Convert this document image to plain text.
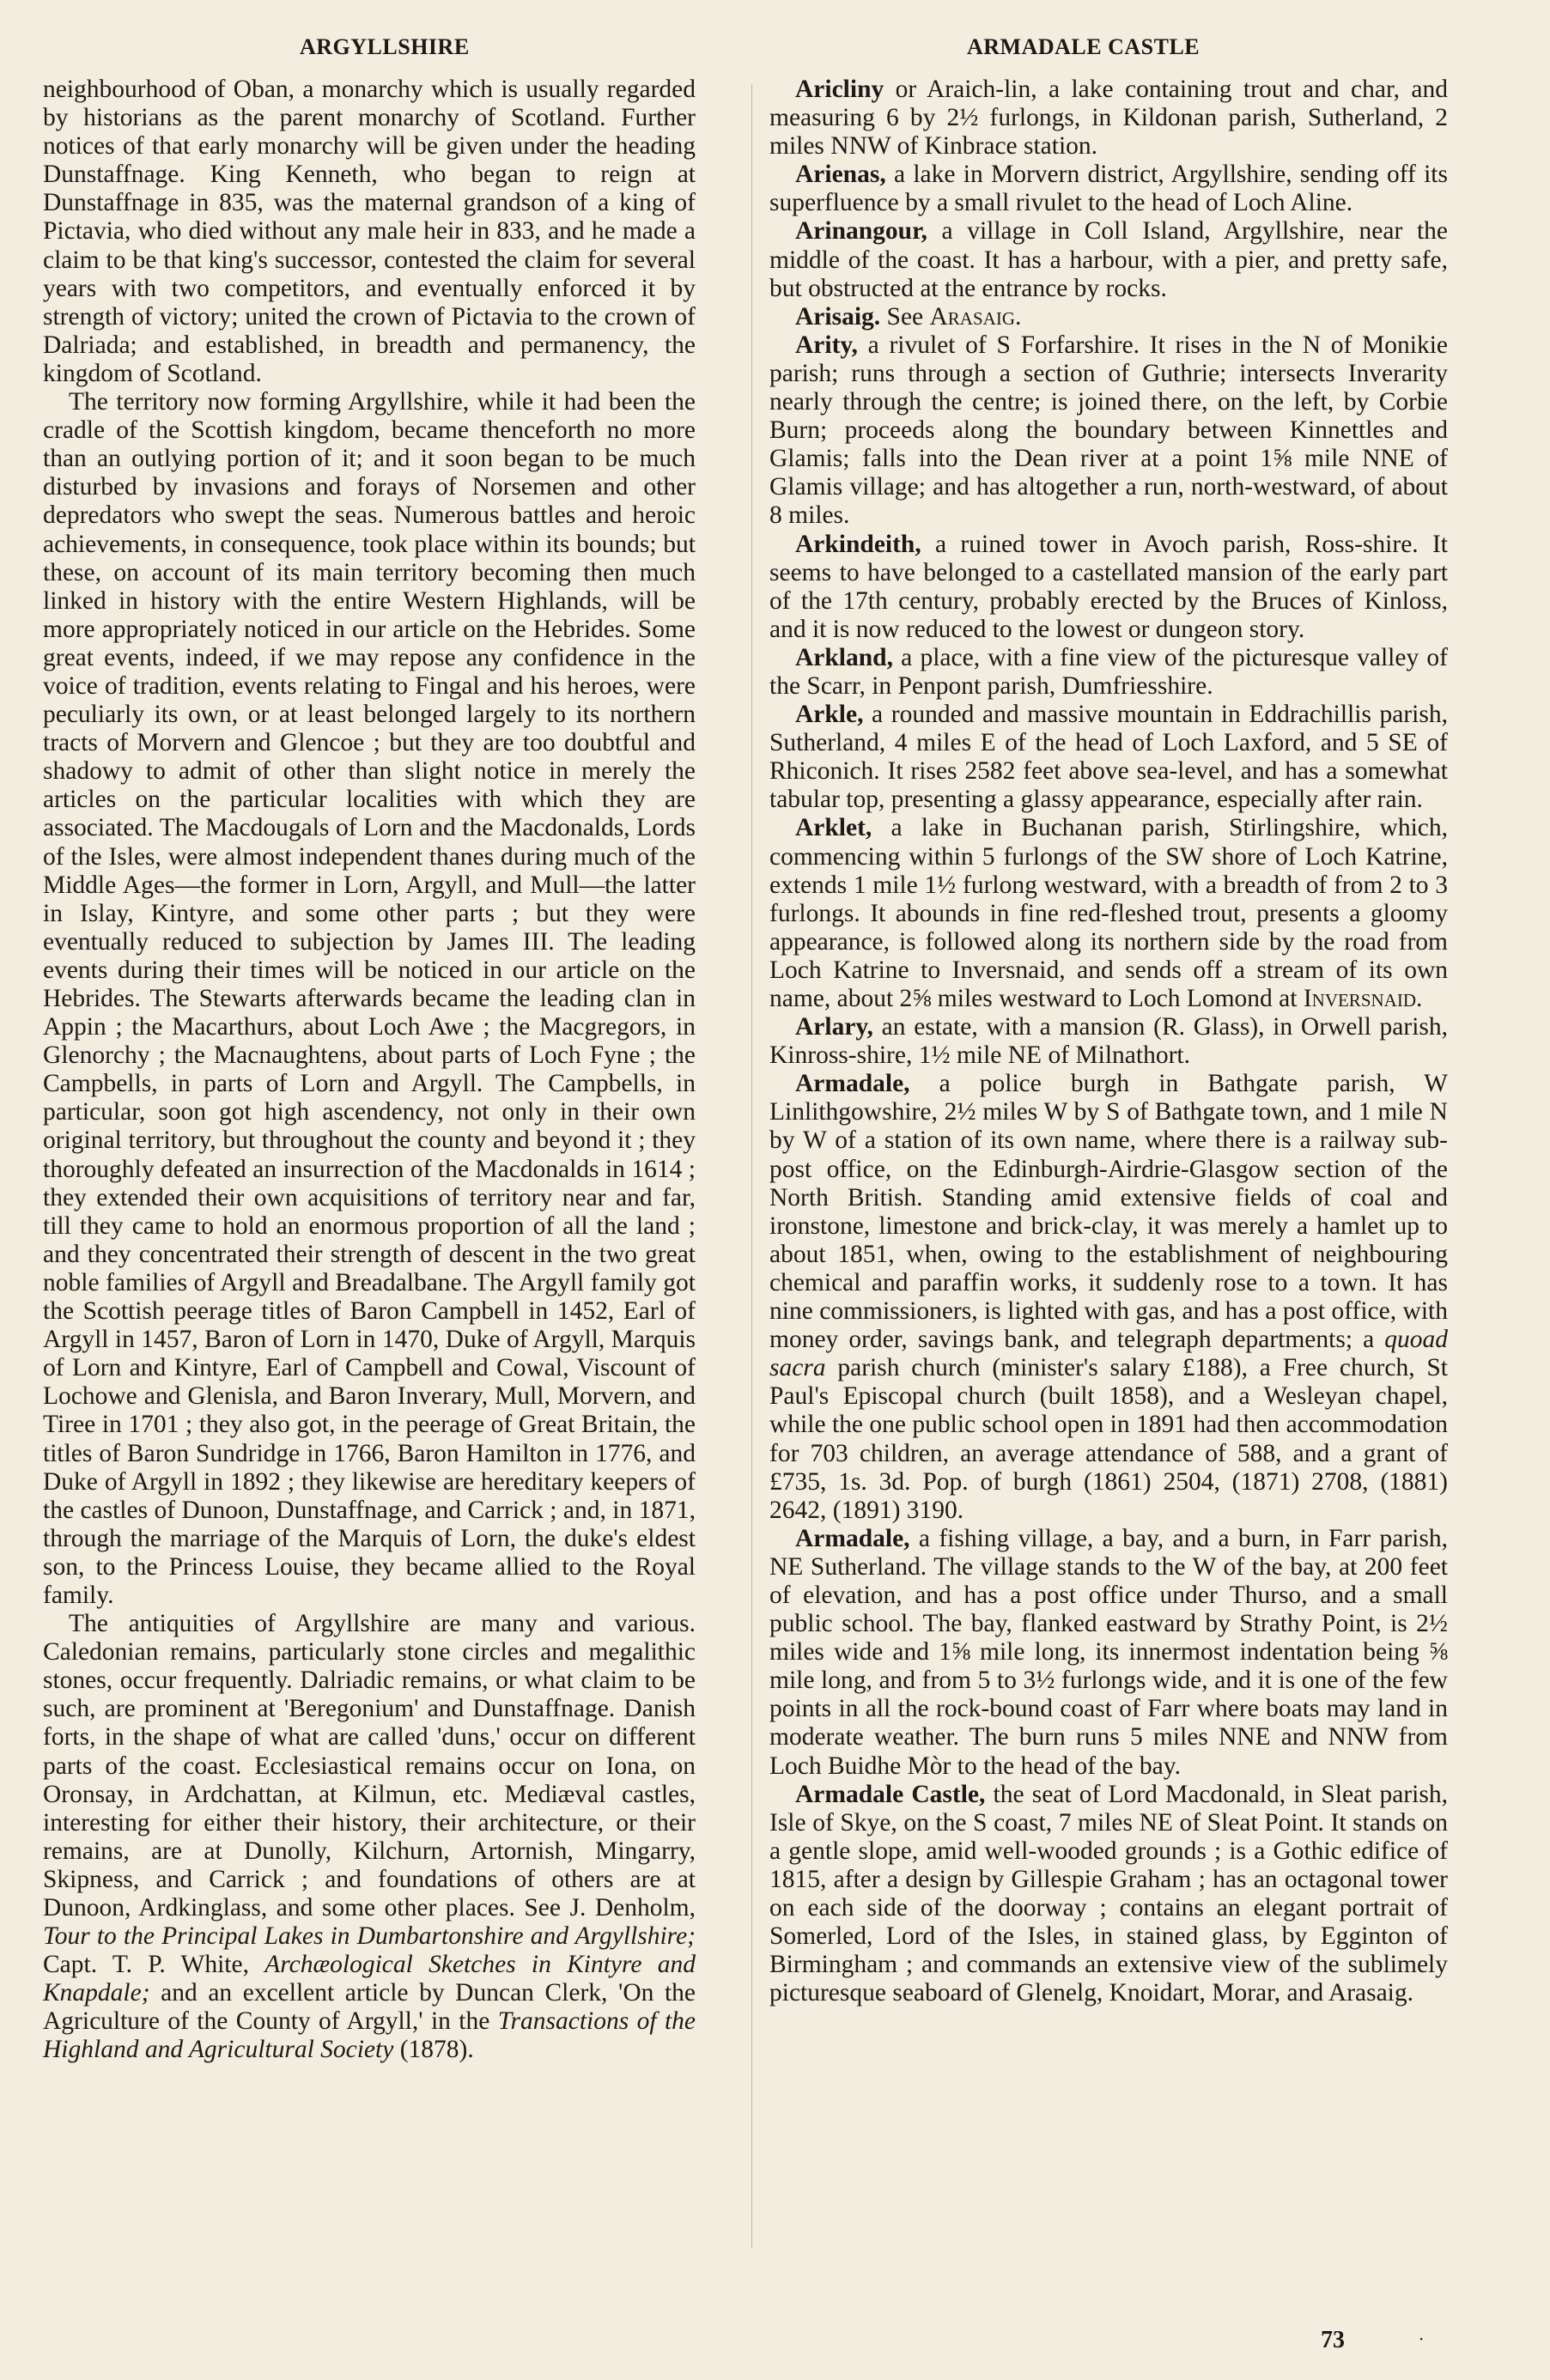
ARGYLLSHIRE	ARMADALE CASTLE

neighbourhood of Oban, a monarchy which is usually regarded by historians as the parent monarchy of Scotland. Further notices of that early monarchy will be given under the heading Dunstaffnage. King Kenneth, who began to reign at Dunstaffnage in 835, was the maternal grandson of a king of Pictavia, who died without any male heir in 833, and he made a claim to be that king's successor, contested the claim for several years with two competitors, and eventually enforced it by strength of victory; united the crown of Pictavia to the crown of Dalriada; and established, in breadth and permanency, the kingdom of Scotland.

The territory now forming Argyllshire, while it had been the cradle of the Scottish kingdom, became thenceforth no more than an outlying portion of it; and it soon began to be much disturbed by invasions and forays of Norsemen and other depredators who swept the seas. Numerous battles and heroic achievements, in consequence, took place within its bounds; but these, on account of its main territory becoming then much linked in history with the entire Western Highlands, will be more appropriately noticed in our article on the Hebrides. Some great events, indeed, if we may repose any confidence in the voice of tradition, events relating to Fingal and his heroes, were peculiarly its own, or at least belonged largely to its northern tracts of Morvern and Glencoe ; but they are too doubtful and shadowy to admit of other than slight notice in merely the articles on the particular localities with which they are associated. The Macdougals of Lorn and the Macdonalds, Lords of the Isles, were almost independent thanes during much of the Middle Ages—the former in Lorn, Argyll, and Mull—the latter in Islay, Kintyre, and some other parts ; but they were eventually reduced to subjection by James III. The leading events during their times will be noticed in our article on the Hebrides. The Stewarts afterwards became the leading clan in Appin ; the Macarthurs, about Loch Awe ; the Macgregors, in Glenorchy ; the Macnaughtens, about parts of Loch Fyne ; the Campbells, in parts of Lorn and Argyll. The Campbells, in particular, soon got high ascendency, not only in their own original territory, but throughout the county and beyond it ; they thoroughly defeated an insurrection of the Macdonalds in 1614 ; they extended their own acquisitions of territory near and far, till they came to hold an enormous proportion of all the land ; and they concentrated their strength of descent in the two great noble families of Argyll and Breadalbane. The Argyll family got the Scottish peerage titles of Baron Campbell in 1452, Earl of Argyll in 1457, Baron of Lorn in 1470, Duke of Argyll, Marquis of Lorn and Kintyre, Earl of Campbell and Cowal, Viscount of Lochowe and Glenisla, and Baron Inverary, Mull, Morvern, and Tiree in 1701 ; they also got, in the peerage of Great Britain, the titles of Baron Sundridge in 1766, Baron Hamilton in 1776, and Duke of Argyll in 1892 ; they likewise are hereditary keepers of the castles of Dunoon, Dunstaffnage, and Carrick ; and, in 1871, through the marriage of the Marquis of Lorn, the duke's eldest son, to the Princess Louise, they became allied to the Royal family.

The antiquities of Argyllshire are many and various. Caledonian remains, particularly stone circles and megalithic stones, occur frequently. Dalriadic remains, or what claim to be such, are prominent at 'Beregonium' and Dunstaffnage. Danish forts, in the shape of what are called 'duns,' occur on different parts of the coast. Ecclesiastical remains occur on Iona, on Oronsay, in Ardchattan, at Kilmun, etc. Mediæval castles, interesting for either their history, their architecture, or their remains, are at Dunolly, Kilchurn, Artornish, Mingarry, Skipness, and Carrick ; and foundations of others are at Dunoon, Ardkinglass, and some other places. See J. Denholm, Tour to the Principal Lakes in Dumbartonshire and Argyllshire; Capt. T. P. White, Archæological Sketches in Kintyre and Knapdale; and an excellent article by Duncan Clerk, 'On the Agriculture of the County of Argyll,' in the Transactions of the Highland and Agricultural Society (1878).

Aricliny or Araich-lin, a lake containing trout and char, and measuring 6 by 2½ furlongs, in Kildonan parish, Sutherland, 2 miles NNW of Kinbrace station.

Arienas, a lake in Morvern district, Argyllshire, sending off its superfluence by a small rivulet to the head of Loch Aline.

Arinangour, a village in Coll Island, Argyllshire, near the middle of the coast. It has a harbour, with a pier, and pretty safe, but obstructed at the entrance by rocks.

Arisaig. See Arasaig.

Arity, a rivulet of S Forfarshire. It rises in the N of Monikie parish; runs through a section of Guthrie; intersects Inverarity nearly through the centre; is joined there, on the left, by Corbie Burn; proceeds along the boundary between Kinnettles and Glamis; falls into the Dean river at a point 1⅝ mile NNE of Glamis village; and has altogether a run, north-westward, of about 8 miles.

Arkindeith, a ruined tower in Avoch parish, Ross-shire. It seems to have belonged to a castellated mansion of the early part of the 17th century, probably erected by the Bruces of Kinloss, and it is now reduced to the lowest or dungeon story.

Arkland, a place, with a fine view of the picturesque valley of the Scarr, in Penpont parish, Dumfriesshire.

Arkle, a rounded and massive mountain in Eddrachillis parish, Sutherland, 4 miles E of the head of Loch Laxford, and 5 SE of Rhiconich. It rises 2582 feet above sea-level, and has a somewhat tabular top, presenting a glassy appearance, especially after rain.

Arklet, a lake in Buchanan parish, Stirlingshire, which, commencing within 5 furlongs of the SW shore of Loch Katrine, extends 1 mile 1½ furlong westward, with a breadth of from 2 to 3 furlongs. It abounds in fine red-fleshed trout, presents a gloomy appearance, is followed along its northern side by the road from Loch Katrine to Inversnaid, and sends off a stream of its own name, about 2⅝ miles westward to Loch Lomond at Inversnaid.

Arlary, an estate, with a mansion (R. Glass), in Orwell parish, Kinross-shire, 1½ mile NE of Milnathort.

Armadale, a police burgh in Bathgate parish, W Linlithgowshire, 2½ miles W by S of Bathgate town, and 1 mile N by W of a station of its own name, where there is a railway sub-post office, on the Edinburgh-Airdrie-Glasgow section of the North British. Standing amid extensive fields of coal and ironstone, limestone and brick-clay, it was merely a hamlet up to about 1851, when, owing to the establishment of neighbouring chemical and paraffin works, it suddenly rose to a town. It has nine commissioners, is lighted with gas, and has a post office, with money order, savings bank, and telegraph departments; a quoad sacra parish church (minister's salary £188), a Free church, St Paul's Episcopal church (built 1858), and a Wesleyan chapel, while the one public school open in 1891 had then accommodation for 703 children, an average attendance of 588, and a grant of £735, 1s. 3d. Pop. of burgh (1861) 2504, (1871) 2708, (1881) 2642, (1891) 3190.

Armadale, a fishing village, a bay, and a burn, in Farr parish, NE Sutherland. The village stands to the W of the bay, at 200 feet of elevation, and has a post office under Thurso, and a small public school. The bay, flanked eastward by Strathy Point, is 2½ miles wide and 1⅝ mile long, its innermost indentation being ⅝ mile long, and from 5 to 3½ furlongs wide, and it is one of the few points in all the rock-bound coast of Farr where boats may land in moderate weather. The burn runs 5 miles NNE and NNW from Loch Buidhe Mòr to the head of the bay.

Armadale Castle, the seat of Lord Macdonald, in Sleat parish, Isle of Skye, on the S coast, 7 miles NE of Sleat Point. It stands on a gentle slope, amid well-wooded grounds ; is a Gothic edifice of 1815, after a design by Gillespie Graham ; has an octagonal tower on each side of the doorway ; contains an elegant portrait of Somerled, Lord of the Isles, in stained glass, by Egginton of Birmingham ; and commands an extensive view of the sublimely picturesque seaboard of Glenelg, Knoidart, Morar, and Arasaig.

73	·
